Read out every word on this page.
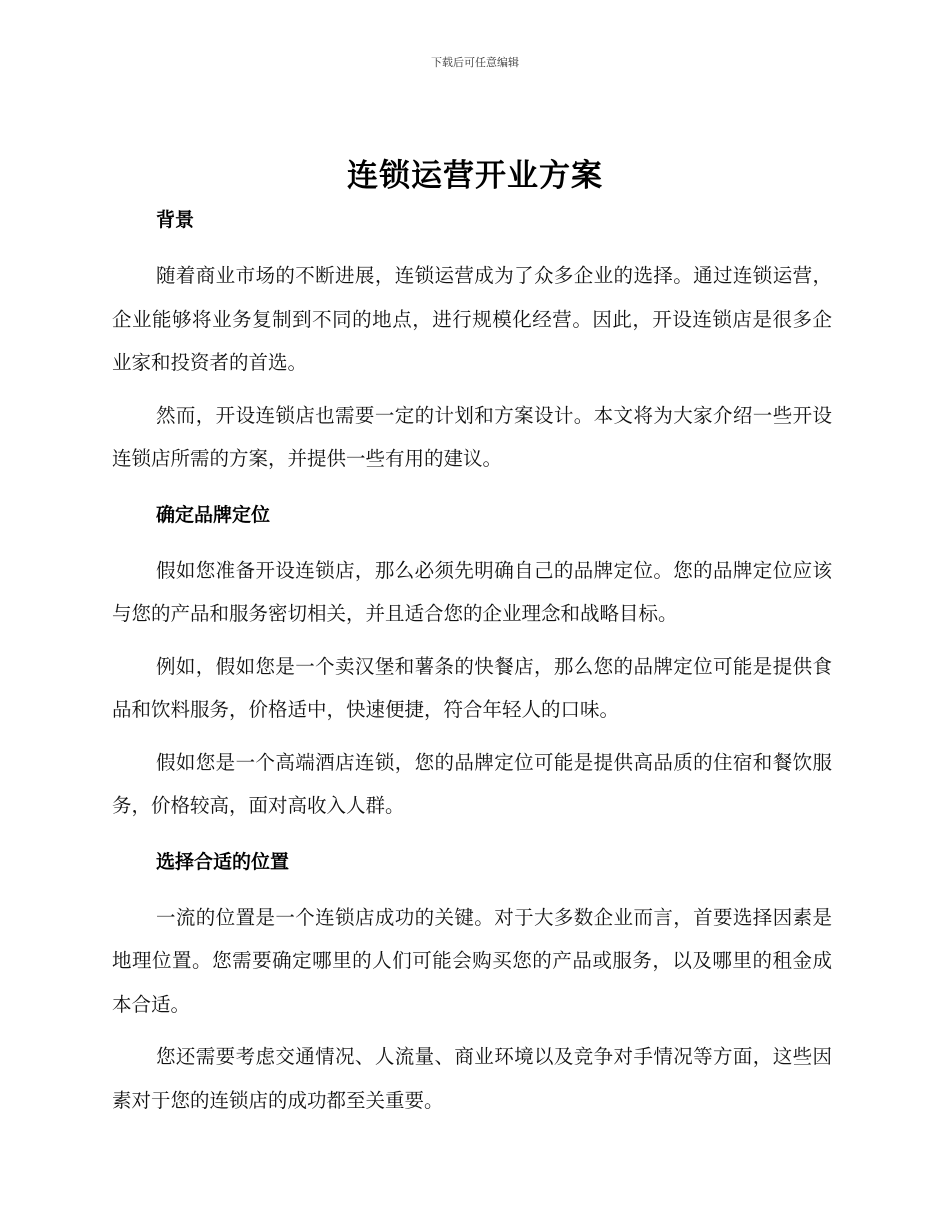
下载后可任意编辑
连锁运营开业方案
背景

随着商业市场的不断进展，连锁运营成为了众多企业的选择。通过连锁运营，企业能够将业务复制到不同的地点，进行规模化经营。因此，开设连锁店是很多企业家和投资者的首选。

然而，开设连锁店也需要一定的计划和方案设计。本文将为大家介绍一些开设连锁店所需的方案，并提供一些有用的建议。

确定品牌定位

假如您准备开设连锁店，那么必须先明确自己的品牌定位。您的品牌定位应该与您的产品和服务密切相关，并且适合您的企业理念和战略目标。

例如，假如您是一个卖汉堡和薯条的快餐店，那么您的品牌定位可能是提供食品和饮料服务，价格适中，快速便捷，符合年轻人的口味。

假如您是一个高端酒店连锁，您的品牌定位可能是提供高品质的住宿和餐饮服务，价格较高，面对高收入人群。

选择合适的位置

一流的位置是一个连锁店成功的关键。对于大多数企业而言，首要选择因素是地理位置。您需要确定哪里的人们可能会购买您的产品或服务，以及哪里的租金成本合适。

您还需要考虑交通情况、人流量、商业环境以及竞争对手情况等方面，这些因素对于您的连锁店的成功都至关重要。
